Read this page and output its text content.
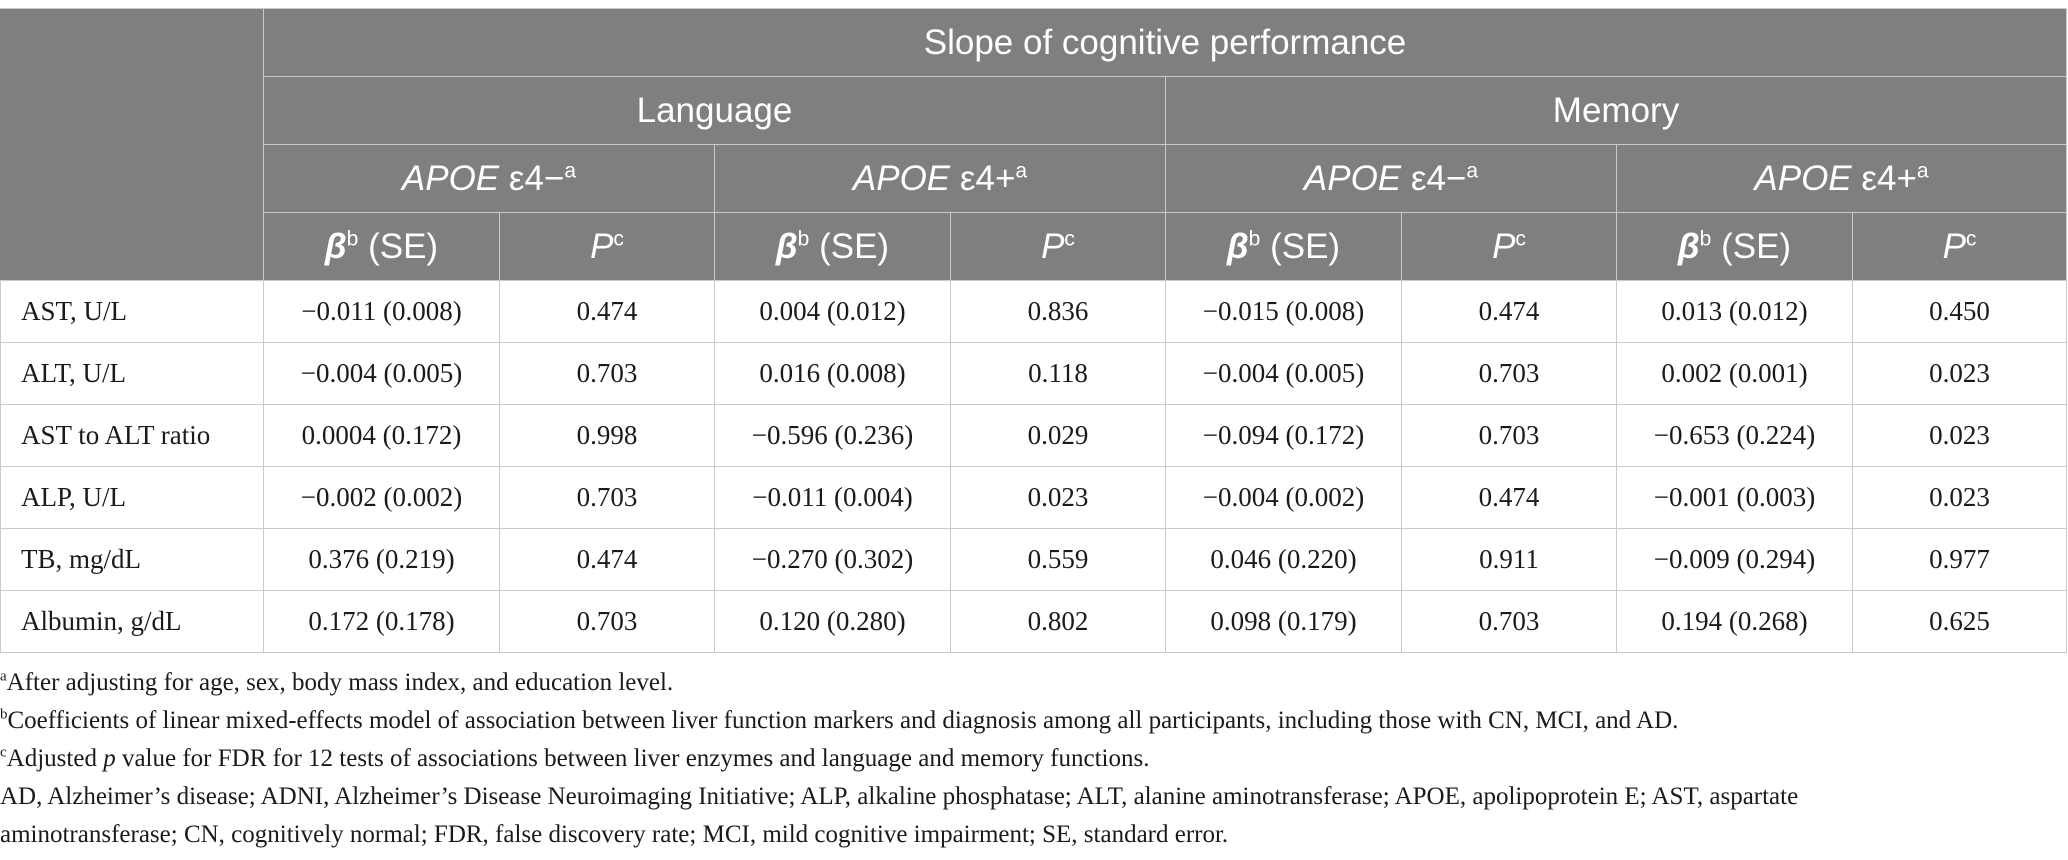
	Slope of cognitive performance							
	Language				Memory			
	APOE ε4−$^a$		APOE ε4+$^a$		APOE ε4−$^a$		APOE ε4+$^a$
	$\beta^b$ (SE)	$P^c$	$\beta^b$ (SE)	$P^c$	$\beta^b$ (SE)	$P^c$	$\beta^b$ (SE)	$P^c$
AST, U/L	−0.011 (0.008)	0.474	0.004 (0.012)	0.836	−0.015 (0.008)	0.474	0.013 (0.012)	0.450
ALT, U/L	−0.004 (0.005)	0.703	0.016 (0.008)	0.118	−0.004 (0.005)	0.703	0.002 (0.001)	0.023
AST to ALT ratio	0.0004 (0.172)	0.998	−0.596 (0.236)	0.029	−0.094 (0.172)	0.703	−0.653 (0.224)	0.023
ALP, U/L	−0.002 (0.002)	0.703	−0.011 (0.004)	0.023	−0.004 (0.002)	0.474	−0.001 (0.003)	0.023
TB, mg/dL	0.376 (0.219)	0.474	−0.270 (0.302)	0.559	0.046 (0.220)	0.911	−0.009 (0.294)	0.977
Albumin, g/dL	0.172 (0.178)	0.703	0.120 (0.280)	0.802	0.098 (0.179)	0.703	0.194 (0.268)	0.625

$^a$After adjusting for age, sex, body mass index, and education level.

$^b$Coefficients of linear mixed-effects model of association between liver function markers and diagnosis among all participants, including those with CN, MCI, and AD.

$^c$Adjusted p value for FDR for 12 tests of associations between liver enzymes and language and memory functions.

AD, Alzheimer’s disease; ADNI, Alzheimer’s Disease Neuroimaging Initiative; ALP, alkaline phosphatase; ALT, alanine aminotransferase; APOE, apolipoprotein E; AST, aspartate
aminotransferase; CN, cognitively normal; FDR, false discovery rate; MCI, mild cognitive impairment; SE, standard error.
